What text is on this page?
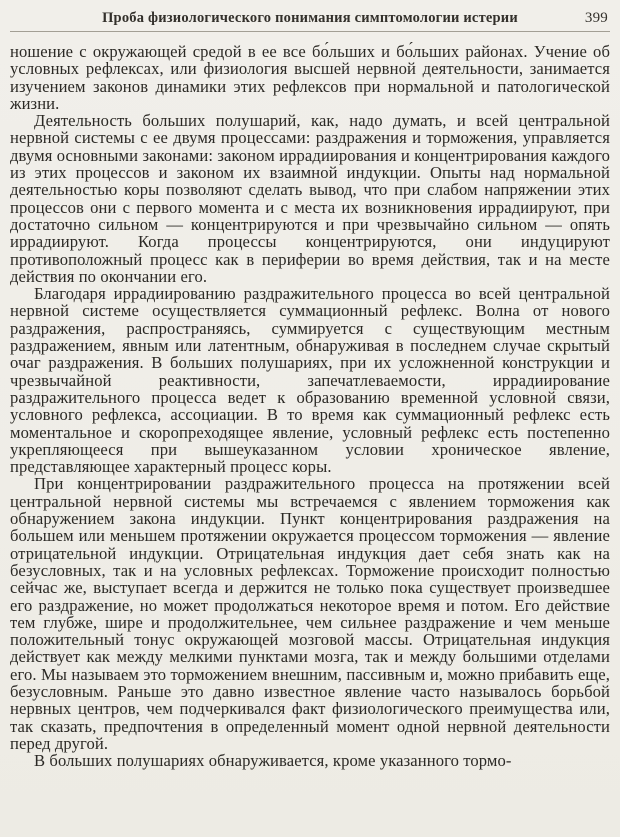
Проба физиологического понимания симптомологии истерии	399

ношение с окружающей средой в ее все бо́льших и бо́льших районах. Учение об условных рефлексах, или физиология высшей нервной деятельности, занимается изучением законов динамики этих рефлексов при нормальной и патологической жизни.

Деятельность больших полушарий, как, надо думать, и всей центральной нервной системы с ее двумя процессами: раздражения и торможения, управляется двумя основными законами: законом иррадиирования и концентрирования каждого из этих процессов и законом их взаимной индукции. Опыты над нормальной деятельностью коры позволяют сделать вывод, что при слабом напряжении этих процессов они с первого момента и с места их возникновения иррадиируют, при достаточно сильном — концентрируются и при чрезвычайно сильном — опять иррадиируют. Когда процессы концентрируются, они индуцируют противоположный процесс как в периферии во время действия, так и на месте действия по окончании его.

Благодаря иррадиированию раздражительного процесса во всей центральной нервной системе осуществляется суммационный рефлекс. Волна от нового раздражения, распространяясь, суммируется с существующим местным раздражением, явным или латентным, обнаруживая в последнем случае скрытый очаг раздражения. В больших полушариях, при их усложненной конструкции и чрезвычайной реактивности, запечатлеваемости, иррадиирование раздражительного процесса ведет к образованию временной условной связи, условного рефлекса, ассоциации. В то время как суммационный рефлекс есть моментальное и скоропреходящее явление, условный рефлекс есть постепенно укрепляющееся при вышеуказанном условии хроническое явление, представляющее характерный процесс коры.

При концентрировании раздражительного процесса на протяжении всей центральной нервной системы мы встречаемся с явлением торможения как обнаружением закона индукции. Пункт концентрирования раздражения на большем или меньшем протяжении окружается процессом торможения — явление отрицательной индукции. Отрицательная индукция дает себя знать как на безусловных, так и на условных рефлексах. Торможение происходит полностью сейчас же, выступает всегда и держится не только пока существует произведшее его раздражение, но может продолжаться некоторое время и потом. Его действие тем глубже, шире и продолжительнее, чем сильнее раздражение и чем меньше положительный тонус окружающей мозговой массы. Отрицательная индукция действует как между мелкими пунктами мозга, так и между большими отделами его. Мы называем это торможением внешним, пассивным и, можно прибавить еще, безусловным. Раньше это давно известное явление часто называлось борьбой нервных центров, чем подчеркивался факт физиологического преимущества или, так сказать, предпочтения в определенный момент одной нервной деятельности перед другой.

В больших полушариях обнаруживается, кроме указанного тормо-
